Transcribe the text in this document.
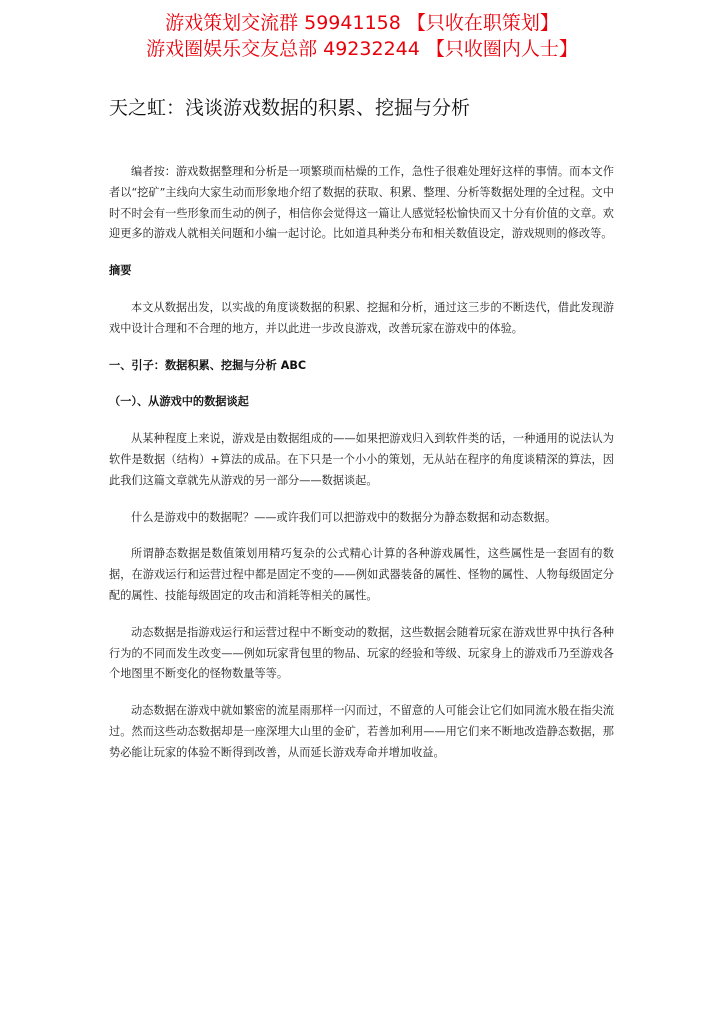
游戏策划交流群 59941158 【只收在职策划】
游戏圈娱乐交友总部 49232244 【只收圈内人士】
天之虹：浅谈游戏数据的积累、挖掘与分析

编者按：游戏数据整理和分析是一项繁琐而枯燥的工作，急性子很难处理好这样的事情。而本文作者以“挖矿”主线向大家生动而形象地介绍了数据的获取、积累、整理、分析等数据处理的全过程。文中时不时会有一些形象而生动的例子，相信你会觉得这一篇让人感觉轻松愉快而又十分有价值的文章。欢迎更多的游戏人就相关问题和小编一起讨论。比如道具种类分布和相关数值设定，游戏规则的修改等。

摘要

本文从数据出发，以实战的角度谈数据的积累、挖掘和分析，通过这三步的不断迭代，借此发现游戏中设计合理和不合理的地方，并以此进一步改良游戏，改善玩家在游戏中的体验。

一、引子：数据积累、挖掘与分析 ABC
（一）、从游戏中的数据谈起

从某种程度上来说，游戏是由数据组成的——如果把游戏归入到软件类的话，一种通用的说法认为软件是数据（结构）+算法的成品。在下只是一个小小的策划，无从站在程序的角度谈精深的算法，因此我们这篇文章就先从游戏的另一部分——数据谈起。

什么是游戏中的数据呢？——或许我们可以把游戏中的数据分为静态数据和动态数据。

所谓静态数据是数值策划用精巧复杂的公式精心计算的各种游戏属性，这些属性是一套固有的数据，在游戏运行和运营过程中都是固定不变的——例如武器装备的属性、怪物的属性、人物每级固定分配的属性、技能每级固定的攻击和消耗等相关的属性。

动态数据是指游戏运行和运营过程中不断变动的数据，这些数据会随着玩家在游戏世界中执行各种行为的不同而发生改变——例如玩家背包里的物品、玩家的经验和等级、玩家身上的游戏币乃至游戏各个地图里不断变化的怪物数量等等。

动态数据在游戏中就如繁密的流星雨那样一闪而过，不留意的人可能会让它们如同流水般在指尖流过。然而这些动态数据却是一座深埋大山里的金矿，若善加利用——用它们来不断地改造静态数据，那势必能让玩家的体验不断得到改善，从而延长游戏寿命并增加收益。
